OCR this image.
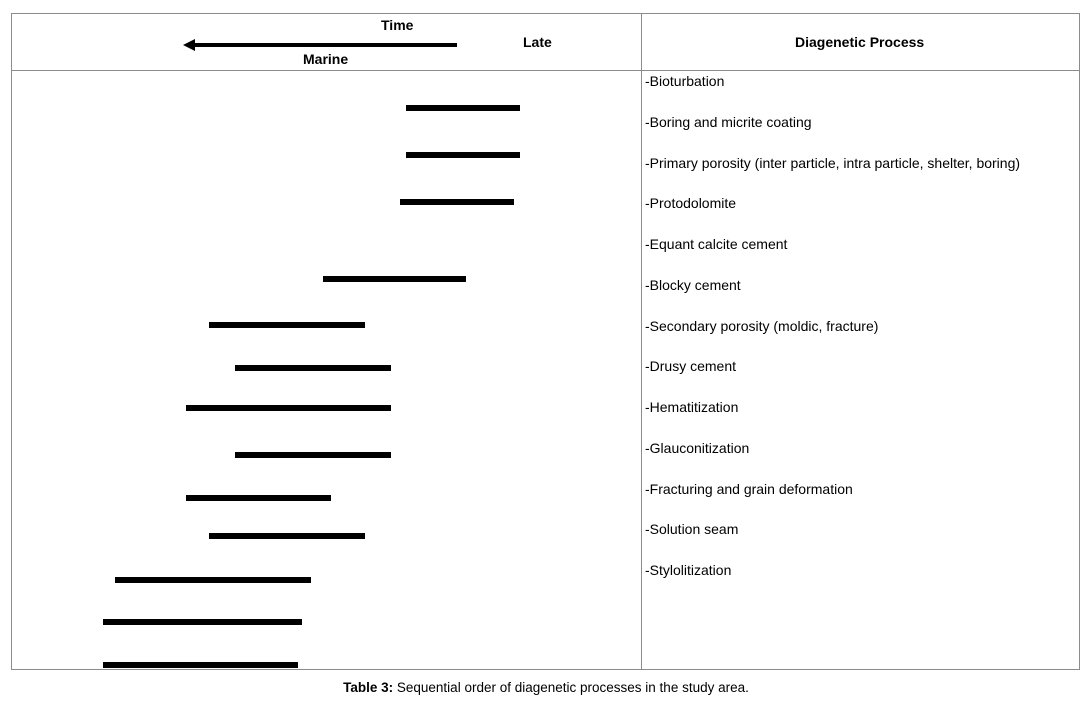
Time
Late
Marine
Diagenetic Process
-Bioturbation
-Boring and micrite coating
-Primary porosity (inter particle, intra particle, shelter, boring)
-Protodolomite
-Equant calcite cement
-Blocky cement
-Secondary porosity (moldic, fracture)
-Drusy cement
-Hematitization
-Glauconitization
-Fracturing and grain deformation
-Solution seam
-Stylolitization
Table 3: Sequential order of diagenetic processes in the study area.
